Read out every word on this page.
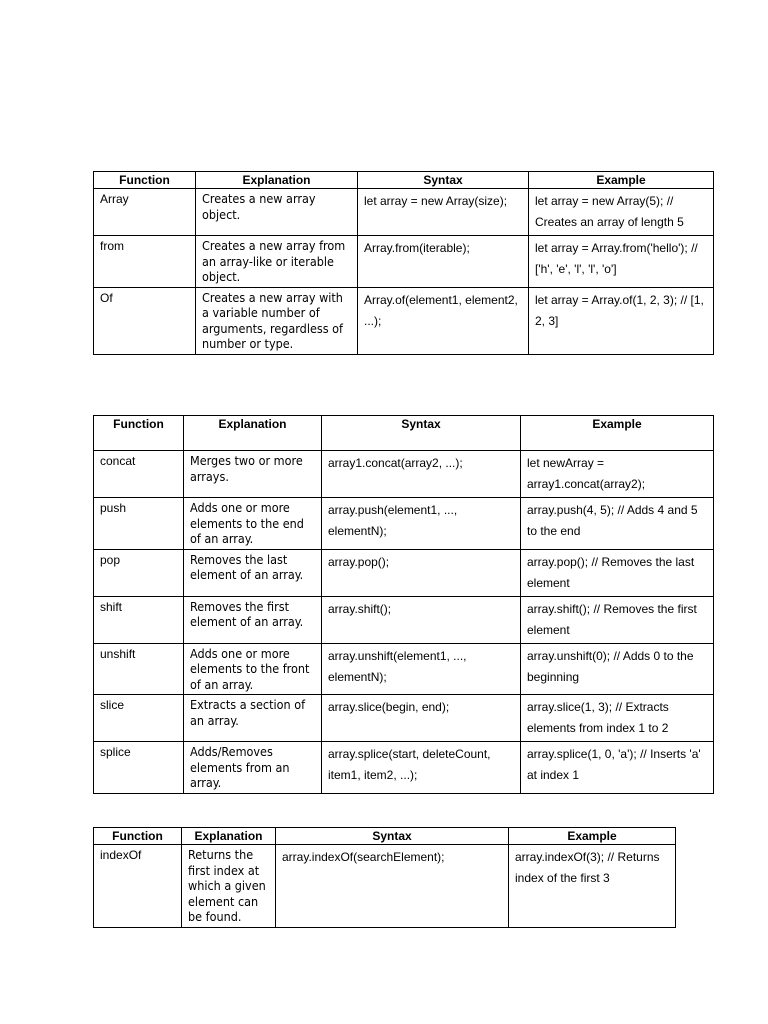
Function	Explanation	Syntax	Example
Array	Creates a new array object.	let array = new Array(size);	let array = new Array(5); // Creates an array of length 5
from	Creates a new array from an array-like or iterable object.	Array.from(iterable);	let array = Array.from('hello'); // ['h', 'e', 'l', 'l', 'o']
Of	Creates a new array with a variable number of arguments, regardless of number or type.	Array.of(element1, element2, ...);	let array = Array.of(1, 2, 3); // [1, 2, 3]
Function	Explanation	Syntax	Example
concat	Merges two or more arrays.	array1.concat(array2, ...);	let newArray = array1.concat(array2);
push	Adds one or more elements to the end of an array.	array.push(element1, ..., elementN);	array.push(4, 5); // Adds 4 and 5 to the end
pop	Removes the last element of an array.	array.pop();	array.pop(); // Removes the last element
shift	Removes the first element of an array.	array.shift();	array.shift(); // Removes the first element
unshift	Adds one or more elements to the front of an array.	array.unshift(element1, ..., elementN);	array.unshift(0); // Adds 0 to the beginning
slice	Extracts a section of an array.	array.slice(begin, end);	array.slice(1, 3); // Extracts elements from index 1 to 2
splice	Adds/Removes elements from an array.	array.splice(start, deleteCount, item1, item2, ...);	array.splice(1, 0, 'a'); // Inserts 'a' at index 1
Function	Explanation	Syntax	Example
indexOf	Returns the first index at which a given element can be found.	array.indexOf(searchElement);	array.indexOf(3); // Returns index of the first 3
